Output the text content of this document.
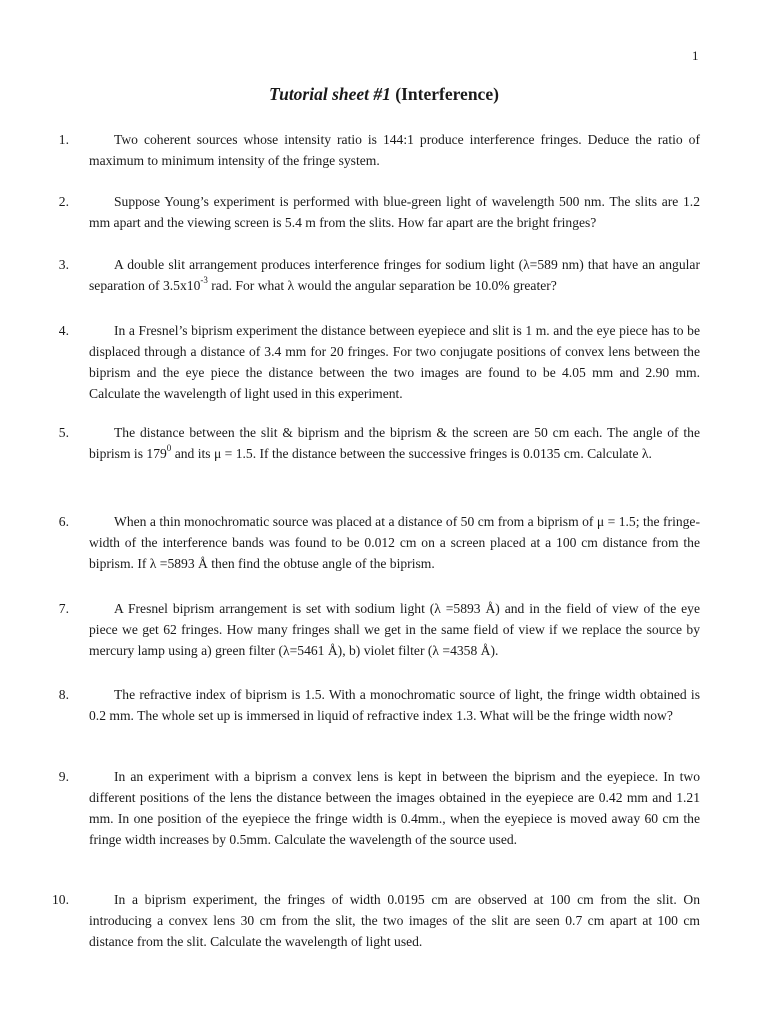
1
Tutorial sheet #1 (Interference)
1.	Two coherent sources whose intensity ratio is 144:1 produce interference fringes. Deduce the ratio of maximum to minimum intensity of the fringe system.
2.	Suppose Young’s experiment is performed with blue-green light of wavelength 500 nm. The slits are 1.2 mm apart and the viewing screen is 5.4 m from the slits. How far apart are the bright fringes?
3.	A double slit arrangement produces interference fringes for sodium light (λ=589 nm) that have an angular separation of $3.5x10^{-3}$ rad. For what λ would the angular separation be 10.0% greater?
4.	In a Fresnel’s biprism experiment the distance between eyepiece and slit is 1 m. and the eye piece has to be displaced through a distance of 3.4 mm for 20 fringes. For two conjugate positions of convex lens between the biprism and the eye piece the distance between the two images are found to be 4.05 mm and 2.90 mm. Calculate the wavelength of light used in this experiment.
5.	The distance between the slit & biprism and the biprism & the screen are 50 cm each. The angle of the biprism is $179^0$ and its μ = 1.5. If the distance between the successive fringes is 0.0135 cm. Calculate λ.
6.	When a thin monochromatic source was placed at a distance of 50 cm from a biprism of μ = 1.5; the fringe-width of the interference bands was found to be 0.012 cm on a screen placed at a 100 cm distance from the biprism. If λ =5893 Å then find the obtuse angle of the biprism.
7.	A Fresnel biprism arrangement is set with sodium light (λ =5893 Å) and in the field of view of the eye piece we get 62 fringes. How many fringes shall we get in the same field of view if we replace the source by mercury lamp using a) green filter (λ=5461 Å), b) violet filter (λ =4358 Å).
8.	The refractive index of biprism is 1.5. With a monochromatic source of light, the fringe width obtained is 0.2 mm. The whole set up is immersed in liquid of refractive index 1.3. What will be the fringe width now?
9.	In an experiment with a biprism a convex lens is kept in between the biprism and the eyepiece. In two different positions of the lens the distance between the images obtained in the eyepiece are 0.42 mm and 1.21 mm. In one position of the eyepiece the fringe width is 0.4mm., when the eyepiece is moved away 60 cm the fringe width increases by 0.5mm. Calculate the wavelength of the source used.
10.	In a biprism experiment, the fringes of width 0.0195 cm are observed at 100 cm from the slit. On introducing a convex lens 30 cm from the slit, the two images of the slit are seen 0.7 cm apart at 100 cm distance from the slit. Calculate the wavelength of light used.
